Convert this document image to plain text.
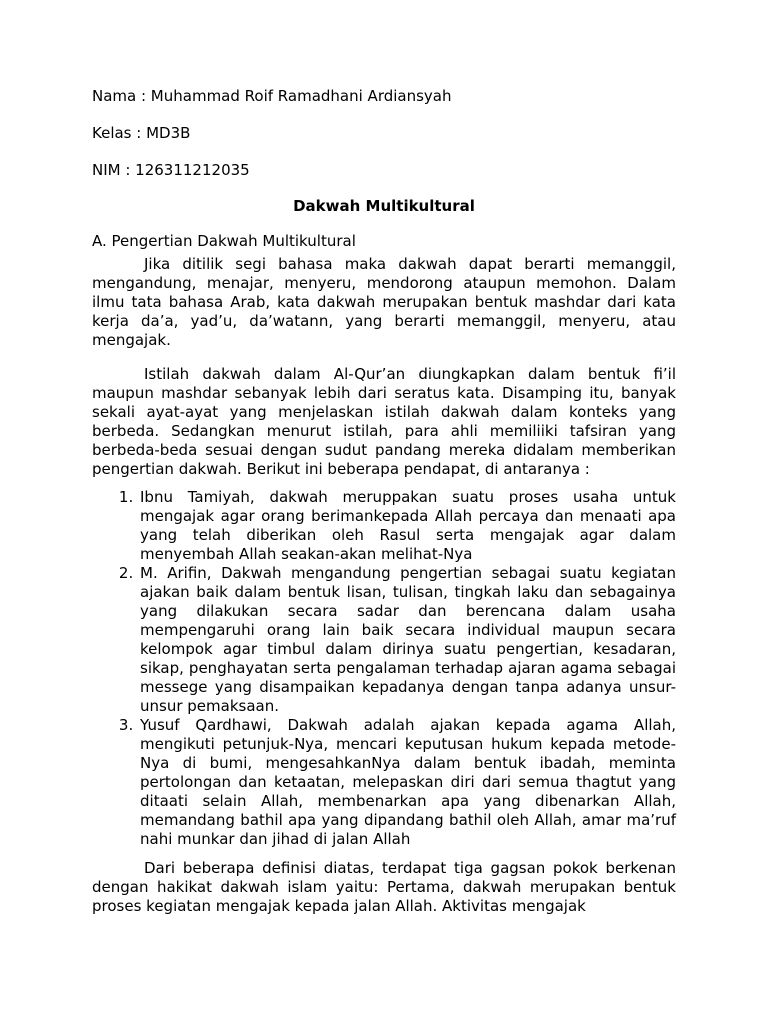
Nama : Muhammad Roif Ramadhani Ardiansyah
Kelas : MD3B
NIM : 126311212035
Dakwah Multikultural
A. Pengertian Dakwah Multikultural

Jika ditilik segi bahasa maka dakwah dapat berarti memanggil, mengandung, menajar, menyeru, mendorong ataupun memohon. Dalam ilmu tata bahasa Arab, kata dakwah merupakan bentuk mashdar dari kata kerja da’a, yad’u, da’watann, yang berarti memanggil, menyeru, atau mengajak.

Istilah dakwah dalam Al-Qur’an diungkapkan dalam bentuk fi’il maupun mashdar sebanyak lebih dari seratus kata. Disamping itu, banyak sekali ayat-ayat yang menjelaskan istilah dakwah dalam konteks yang berbeda. Sedangkan menurut istilah, para ahli memiliiki tafsiran yang berbeda-beda sesuai dengan sudut pandang mereka didalam memberikan pengertian dakwah. Berikut ini beberapa pendapat, di antaranya :

1. Ibnu Tamiyah, dakwah meruppakan suatu proses usaha untuk mengajak agar orang berimankepada Allah percaya dan menaati apa yang telah diberikan oleh Rasul serta mengajak agar dalam menyembah Allah seakan-akan melihat-Nya
2. M. Arifin, Dakwah mengandung pengertian sebagai suatu kegiatan ajakan baik dalam bentuk lisan, tulisan, tingkah laku dan sebagainya yang dilakukan secara sadar dan berencana dalam usaha mempengaruhi orang lain baik secara individual maupun secara kelompok agar timbul dalam dirinya suatu pengertian, kesadaran, sikap, penghayatan serta pengalaman terhadap ajaran agama sebagai messege yang disampaikan kepadanya dengan tanpa adanya unsur-unsur pemaksaan.
3. Yusuf Qardhawi, Dakwah adalah ajakan kepada agama Allah, mengikuti petunjuk-Nya, mencari keputusan hukum kepada metode-Nya di bumi, mengesahkanNya dalam bentuk ibadah, meminta pertolongan dan ketaatan, melepaskan diri dari semua thagtut yang ditaati selain Allah, membenarkan apa yang dibenarkan Allah, memandang bathil apa yang dipandang bathil oleh Allah, amar ma’ruf nahi munkar dan jihad di jalan Allah

Dari beberapa definisi diatas, terdapat tiga gagsan pokok berkenan dengan hakikat dakwah islam yaitu: Pertama, dakwah merupakan bentuk proses kegiatan mengajak kepada jalan Allah. Aktivitas mengajak
